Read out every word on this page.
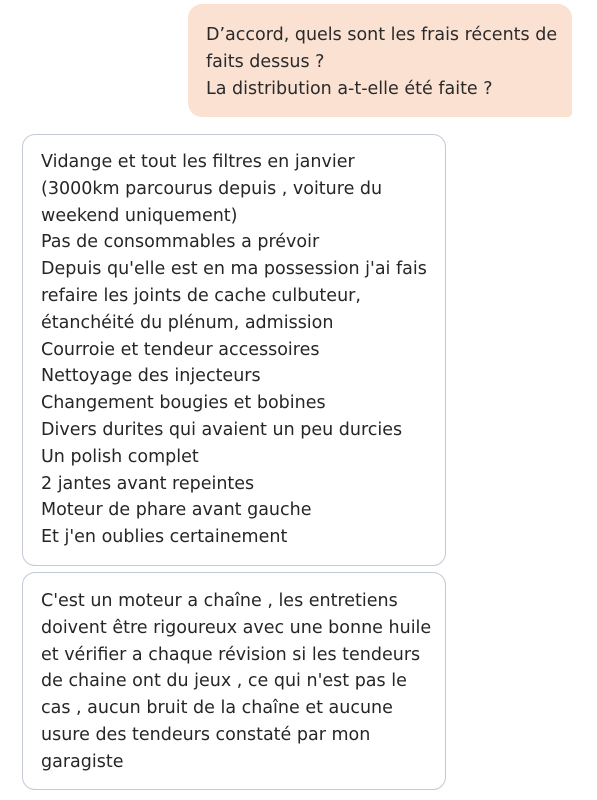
D’accord, quels sont les frais récents de
faits dessus ?
La distribution a-t-elle été faite ?
Vidange et tout les filtres en janvier
(3000km parcourus depuis , voiture du
weekend uniquement)
Pas de consommables a prévoir
Depuis qu'elle est en ma possession j'ai fais
refaire les joints de cache culbuteur,
étanchéité du plénum, admission
Courroie et tendeur accessoires
Nettoyage des injecteurs
Changement bougies et bobines
Divers durites qui avaient un peu durcies
Un polish complet
2 jantes avant repeintes
Moteur de phare avant gauche
Et j'en oublies certainement
C'est un moteur a chaîne , les entretiens
doivent être rigoureux avec une bonne huile
et vérifier a chaque révision si les tendeurs
de chaine ont du jeux , ce qui n'est pas le
cas , aucun bruit de la chaîne et aucune
usure des tendeurs constaté par mon
garagiste
